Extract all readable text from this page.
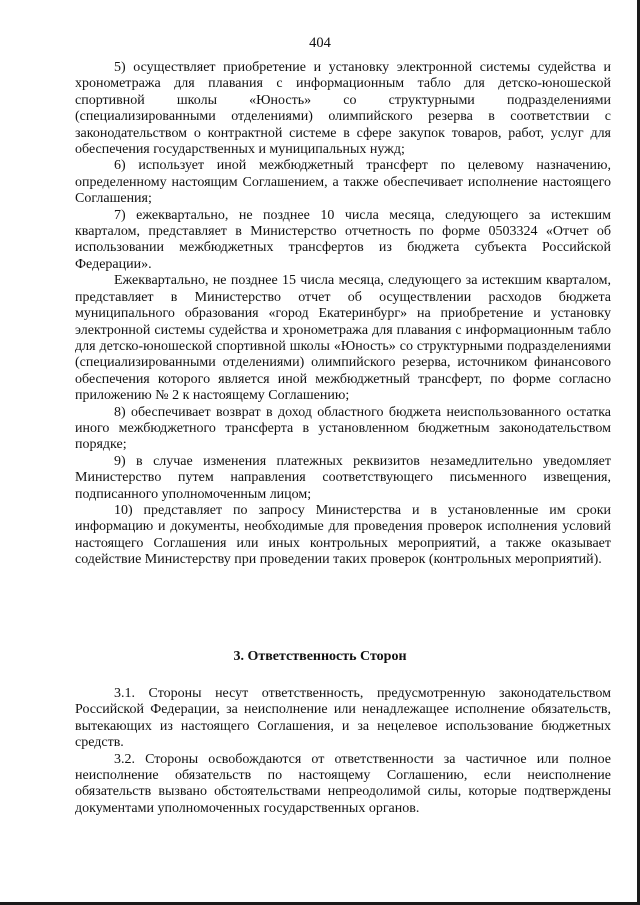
404

5) осуществляет приобретение и установку электронной системы судейства и хронометража для плавания с информационным табло для детско-юношеской спортивной школы «Юность» со структурными подразделениями (специализированными отделениями) олимпийского резерва в соответствии с законодательством о контрактной системе в сфере закупок товаров, работ, услуг для обеспечения государственных и муниципальных нужд;

6) использует иной межбюджетный трансферт по целевому назначению, определенному настоящим Соглашением, а также обеспечивает исполнение настоящего Соглашения;

7) ежеквартально, не позднее 10 числа месяца, следующего за истекшим кварталом, представляет в Министерство отчетность по форме 0503324 «Отчет об использовании межбюджетных трансфертов из бюджета субъекта Российской Федерации».

Ежеквартально, не позднее 15 числа месяца, следующего за истекшим кварталом, представляет в Министерство отчет об осуществлении расходов бюджета муниципального образования «город Екатеринбург» на приобретение и установку электронной системы судейства и хронометража для плавания с информационным табло для детско-юношеской спортивной школы «Юность» со структурными подразделениями (специализированными отделениями) олимпийского резерва, источником финансового обеспечения которого является иной межбюджетный трансферт, по форме согласно приложению № 2 к настоящему Соглашению;

8) обеспечивает возврат в доход областного бюджета неиспользованного остатка иного межбюджетного трансферта в установленном бюджетным законодательством порядке;

9) в случае изменения платежных реквизитов незамедлительно уведомляет Министерство путем направления соответствующего письменного извещения, подписанного уполномоченным лицом;

10) представляет по запросу Министерства и в установленные им сроки информацию и документы, необходимые для проведения проверок исполнения условий настоящего Соглашения или иных контрольных мероприятий, а также оказывает содействие Министерству при проведении таких проверок (контрольных мероприятий).

3. Ответственность Сторон

3.1. Стороны несут ответственность, предусмотренную законодательством Российской Федерации, за неисполнение или ненадлежащее исполнение обязательств, вытекающих из настоящего Соглашения, и за нецелевое использование бюджетных средств.

3.2. Стороны освобождаются от ответственности за частичное или полное неисполнение обязательств по настоящему Соглашению, если неисполнение обязательств вызвано обстоятельствами непреодолимой силы, которые подтверждены документами уполномоченных государственных органов.
